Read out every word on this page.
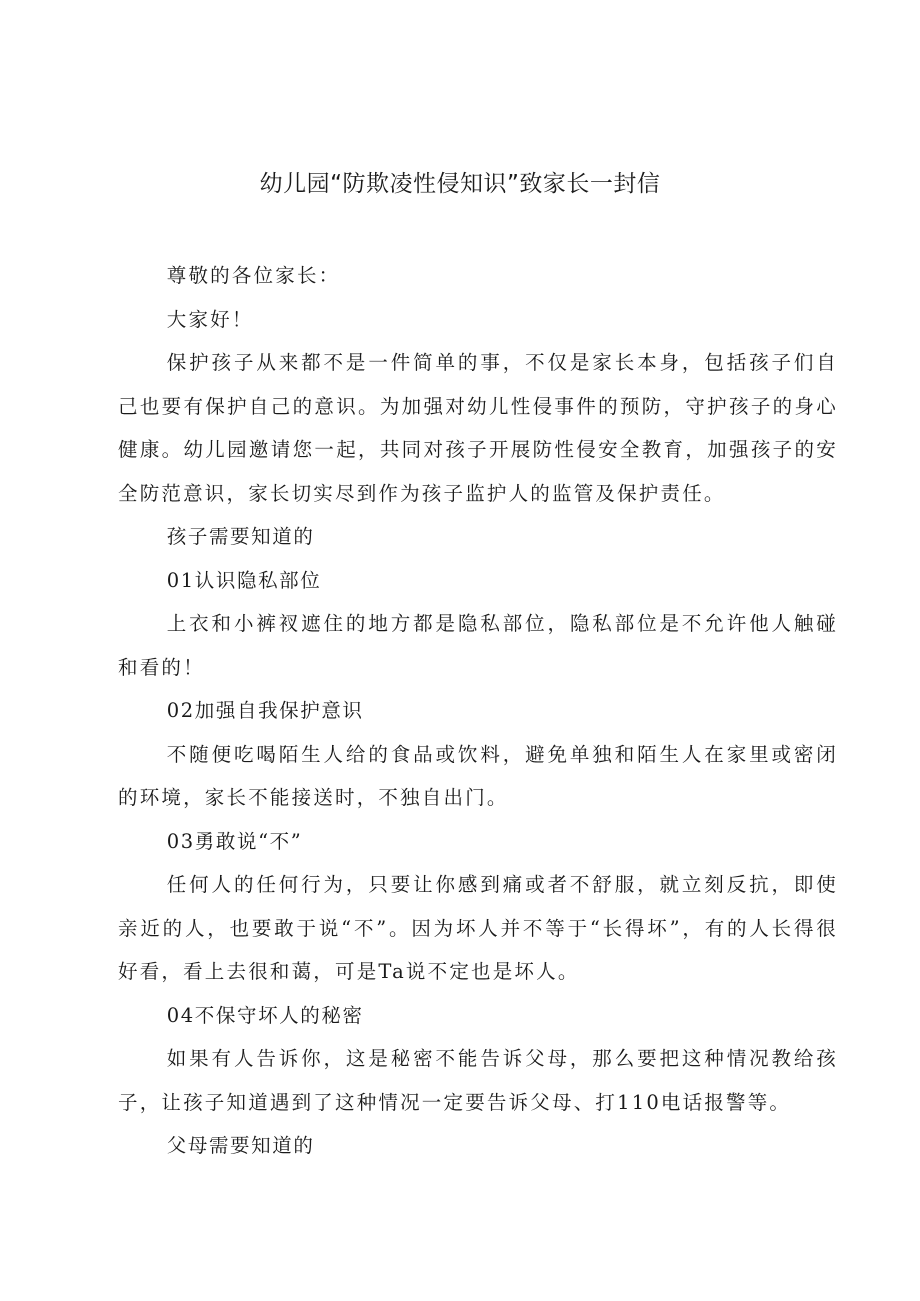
幼儿园“防欺凌性侵知识”致家长一封信

尊敬的各位家长：

大家好！

保护孩子从来都不是一件简单的事，不仅是家长本身，包括孩子们自己也要有保护自己的意识。为加强对幼儿性侵事件的预防，守护孩子的身心健康。幼儿园邀请您一起，共同对孩子开展防性侵安全教育，加强孩子的安全防范意识，家长切实尽到作为孩子监护人的监管及保护责任。

孩子需要知道的

01认识隐私部位

上衣和小裤衩遮住的地方都是隐私部位，隐私部位是不允许他人触碰和看的！

02加强自我保护意识

不随便吃喝陌生人给的食品或饮料，避免单独和陌生人在家里或密闭的环境，家长不能接送时，不独自出门。

03勇敢说“不”

任何人的任何行为，只要让你感到痛或者不舒服，就立刻反抗，即使亲近的人，也要敢于说“不”。因为坏人并不等于“长得坏”，有的人长得很好看，看上去很和蔼，可是Ta说不定也是坏人。

04不保守坏人的秘密

如果有人告诉你，这是秘密不能告诉父母，那么要把这种情况教给孩子，让孩子知道遇到了这种情况一定要告诉父母、打110电话报警等。

父母需要知道的
